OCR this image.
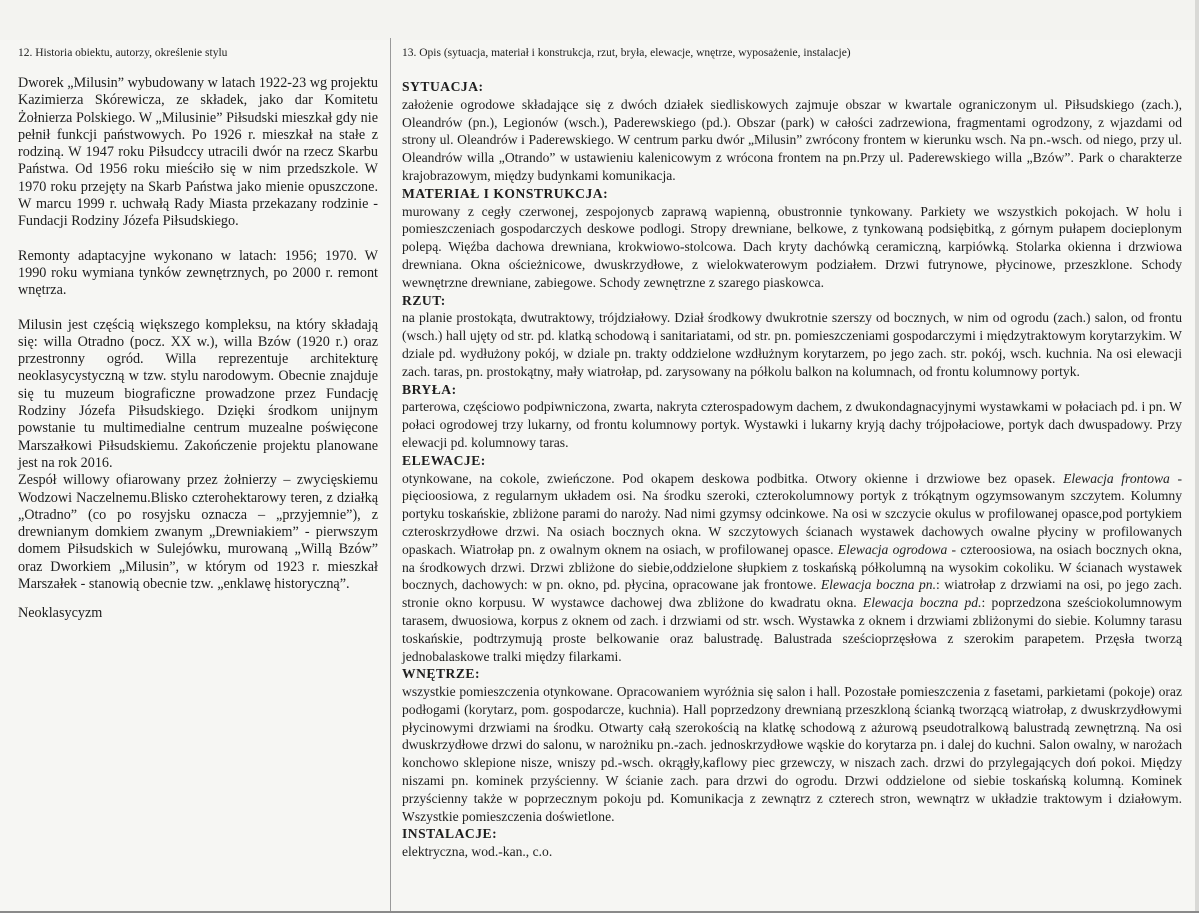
12. Historia obiektu, autorzy, określenie stylu

Dworek „Milusin” wybudowany w latach 1922-23 wg projektu Kazimierza Skórewicza, ze składek, jako dar Komitetu Żołnierza Polskiego. W „Milusinie” Piłsudski mieszkał gdy nie pełnił funkcji państwowych. Po 1926 r. mieszkał na stałe z rodziną. W 1947 roku Piłsudccy utracili dwór na rzecz Skarbu Państwa. Od 1956 roku mieściło się w nim przedszkole. W 1970 roku przejęty na Skarb Państwa jako mienie opuszczone. W marcu 1999 r. uchwałą Rady Miasta przekazany rodzinie - Fundacji Rodziny Józefa Piłsudskiego.

Remonty adaptacyjne wykonano w latach: 1956; 1970. W 1990 roku wymiana tynków zewnętrznych, po 2000 r. remont wnętrza.

Milusin jest częścią większego kompleksu, na który składają się: willa Otradno (pocz. XX w.), willa Bzów (1920 r.) oraz przestronny ogród. Willa reprezentuje architekturę neoklasycystyczną w tzw. stylu narodowym. Obecnie znajduje się tu muzeum biograficzne prowadzone przez Fundację Rodziny Józefa Piłsudskiego. Dzięki środkom unijnym powstanie tu multimedialne centrum muzealne poświęcone Marszałkowi Piłsudskiemu. Zakończenie projektu planowane jest na rok 2016.

Zespół willowy ofiarowany przez żołnierzy – zwycięskiemu Wodzowi Naczelnemu.Blisko czterohektarowy teren, z działką „Otradno” (co po rosyjsku oznacza – „przyjemnie”), z drewnianym domkiem zwanym „Drewniakiem” - pierwszym domem Piłsudskich w Sulejówku, murowaną „Willą Bzów” oraz Dworkiem „Milusin”, w którym od 1923 r. mieszkał Marszałek - stanowią obecnie tzw. „enklawę historyczną”.

Neoklasycyzm

13. Opis (sytuacja, materiał i konstrukcja, rzut, bryła, elewacje, wnętrze, wyposażenie, instalacje)

SYTUACJA:

założenie ogrodowe składające się z dwóch działek siedliskowych zajmuje obszar w kwartale ograniczonym ul. Piłsudskiego (zach.), Oleandrów (pn.), Legionów (wsch.), Paderewskiego (pd.). Obszar (park) w całości zadrzewiona, fragmentami ogrodzony, z wjazdami od strony ul. Oleandrów i Paderewskiego. W centrum parku dwór „Milusin” zwrócony frontem w kierunku wsch. Na pn.-wsch. od niego, przy ul. Oleandrów willa „Otrando” w ustawieniu kalenicowym z wrócona frontem na pn.Przy ul. Paderewskiego willa „Bzów”. Park o charakterze krajobrazowym, między budynkami komunikacja.

MATERIAŁ I KONSTRUKCJA:

murowany z cegły czerwonej, zespojonycb zaprawą wapienną, obustronnie tynkowany. Parkiety we wszystkich pokojach. W holu i pomieszczeniach gospodarczych deskowe podlogi. Stropy drewniane, belkowe, z tynkowaną podsiębitką, z górnym pułapem docieplonym polepą. Więźba dachowa drewniana, krokwiowo-stolcowa. Dach kryty dachówką ceramiczną, karpiówką. Stolarka okienna i drzwiowa drewniana. Okna ościeżnicowe, dwuskrzydłowe, z wielokwaterowym podziałem. Drzwi futrynowe, płycinowe, przeszklone. Schody wewnętrzne drewniane, zabiegowe. Schody zewnętrzne z szarego piaskowca.

RZUT:

na planie prostokąta, dwutraktowy, trójdziałowy. Dział środkowy dwukrotnie szerszy od bocznych, w nim od ogrodu (zach.) salon, od frontu (wsch.) hall ujęty od str. pd. klatką schodową i sanitariatami, od str. pn. pomieszczeniami gospodarczymi i międzytraktowym korytarzykim. W dziale pd. wydłużony pokój, w dziale pn. trakty oddzielone wzdłużnym korytarzem, po jego zach. str. pokój, wsch. kuchnia. Na osi elewacji zach. taras, pn. prostokątny, mały wiatrołap, pd. zarysowany na półkolu balkon na kolumnach, od frontu kolumnowy portyk.

BRYŁA:

parterowa, częściowo podpiwniczona, zwarta, nakryta czterospadowym dachem, z dwukondagnacyjnymi wystawkami w połaciach pd. i pn. W połaci ogrodowej trzy lukarny, od frontu kolumnowy portyk. Wystawki i lukarny kryją dachy trójpołaciowe, portyk dach dwuspadowy. Przy elewacji pd. kolumnowy taras.

ELEWACJE:

otynkowane, na cokole, zwieńczone. Pod okapem deskowa podbitka. Otwory okienne i drzwiowe bez opasek. Elewacja frontowa - pięcioosiowa, z regularnym układem osi. Na środku szeroki, czterokolumnowy portyk z trókątnym ogzymsowanym szczytem. Kolumny portyku toskańskie, zbliżone parami do naroży. Nad nimi gzymsy odcinkowe. Na osi w szczycie okulus w profilowanej opasce,pod portykiem czteroskrzydłowe drzwi. Na osiach bocznych okna. W szczytowych ścianach wystawek dachowych owalne płyciny w profilowanych opaskach. Wiatrołap pn. z owalnym oknem na osiach, w profilowanej opasce. Elewacja ogrodowa - czteroosiowa, na osiach bocznych okna, na środkowych drzwi. Drzwi zbliżone do siebie,oddzielone słupkiem z toskańską półkolumną na wysokim cokoliku. W ścianach wystawek bocznych, dachowych: w pn. okno, pd. płycina, opracowane jak frontowe. Elewacja boczna pn.: wiatrołap z drzwiami na osi, po jego zach. stronie okno korpusu. W wystawce dachowej dwa zbliżone do kwadratu okna. Elewacja boczna pd.: poprzedzona sześciokolumnowym tarasem, dwuosiowa, korpus z oknem od zach. i drzwiami od str. wsch. Wystawka z oknem i drzwiami zbliżonymi do siebie. Kolumny tarasu toskańskie, podtrzymują proste belkowanie oraz balustradę. Balustrada sześcioprzęsłowa z szerokim parapetem. Przęsła tworzą jednobalaskowe tralki między filarkami.

WNĘTRZE:

wszystkie pomieszczenia otynkowane. Opracowaniem wyróżnia się salon i hall. Pozostałe pomieszczenia z fasetami, parkietami (pokoje) oraz podłogami (korytarz, pom. gospodarcze, kuchnia). Hall poprzedzony drewnianą przeszkloną ścianką tworzącą wiatrołap, z dwuskrzydłowymi płycinowymi drzwiami na środku. Otwarty całą szerokością na klatkę schodową z ażurową pseudotralkową balustradą zewnętrzną. Na osi dwuskrzydłowe drzwi do salonu, w narożniku pn.-zach. jednoskrzydłowe wąskie do korytarza pn. i dalej do kuchni. Salon owalny, w narożach konchowo sklepione nisze, wniszy pd.-wsch. okrągły,kaflowy piec grzewczy, w niszach zach. drzwi do przylegających doń pokoi. Między niszami pn. kominek przyścienny. W ścianie zach. para drzwi do ogrodu. Drzwi oddzielone od siebie toskańską kolumną. Kominek przyścienny także w poprzecznym pokoju pd. Komunikacja z zewnątrz z czterech stron, wewnątrz w układzie traktowym i działowym. Wszystkie pomieszczenia doświetlone.

INSTALACJE:

elektryczna, wod.-kan., c.o.
